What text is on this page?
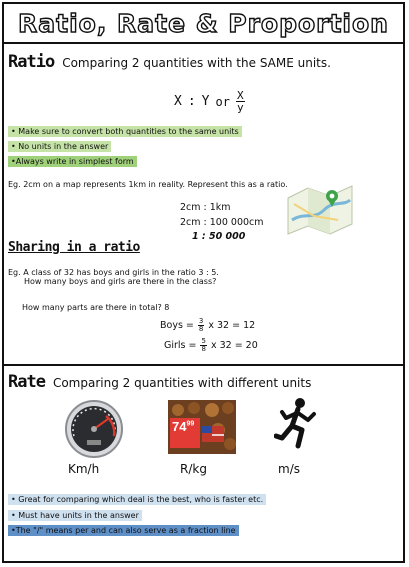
Ratio, Rate & Proportion
Ratio Comparing 2 quantities with the SAME units.
X : Y or $\frac{X}{y}$
• Make sure to convert both quantities to the same units
• No units in the answer
•Always write in simplest form
Eg. 2cm on a map represents 1km in reality. Represent this as a ratio.
2cm : 1km
2cm : 100 000cm
1 : 50 000
Sharing in a ratio
Eg. A class of 32 has boys and girls in the ratio 3 : 5.
How many boys and girls are there in the class?
How many parts are there in total? 8
Boys = $\frac{3}{8}$ x 32 = 12
Girls = $\frac{5}{8}$ x 32 = 20
Rate Comparing 2 quantities with different units
Km/h
$74^{99}$
R/kg	m/s
• Great for comparing which deal is the best, who is faster etc.
• Must have units in the answer
•The "/" means per and can also serve as a fraction line
